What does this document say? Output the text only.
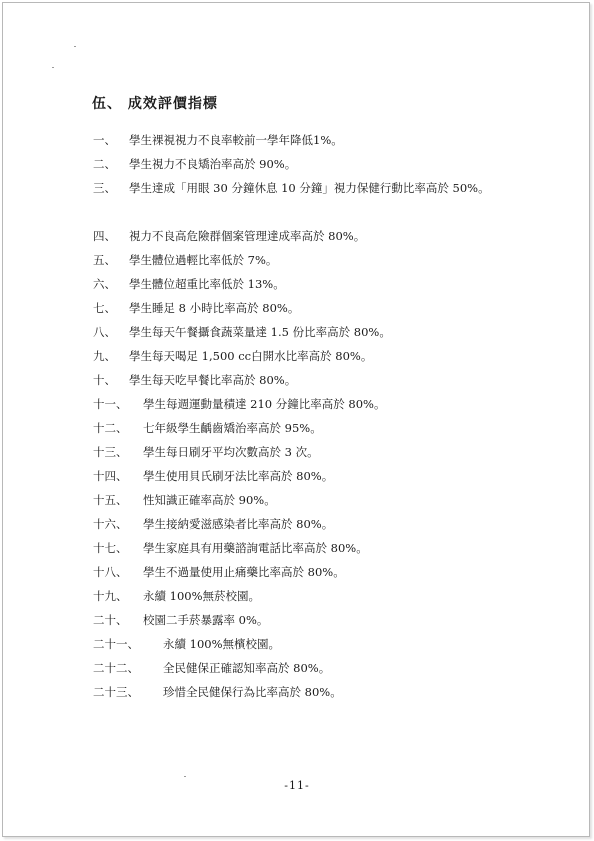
伍、 成效評價指標
一、 學生裸視視力不良率較前一學年降低1%。
二、 學生視力不良矯治率高於 90%。
三、 學生達成「用眼 30 分鐘休息 10 分鐘」視力保健行動比率高於 50%。
四、 視力不良高危險群個案管理達成率高於 80%。
五、 學生體位過輕比率低於 7%。
六、 學生體位超重比率低於 13%。
七、 學生睡足 8 小時比率高於 80%。
八、 學生每天午餐攝食蔬菜量達 1.5 份比率高於 80%。
九、 學生每天喝足 1,500 cc白開水比率高於 80%。
十、 學生每天吃早餐比率高於 80%。
十一、 學生每週運動量積達 210 分鐘比率高於 80%。
十二、 七年級學生齲齒矯治率高於 95%。
十三、 學生每日刷牙平均次數高於 3 次。
十四、 學生使用貝氏刷牙法比率高於 80%。
十五、 性知識正確率高於 90%。
十六、 學生接納愛滋感染者比率高於 80%。
十七、 學生家庭具有用藥諮詢電話比率高於 80%。
十八、 學生不過量使用止痛藥比率高於 80%。
十九、 永續 100%無菸校園。
二十、 校園二手菸暴露率 0%。
二十一、 永續 100%無檳校園。
二十二、 全民健保正確認知率高於 80%。
二十三、 珍惜全民健保行為比率高於 80%。
-11-
